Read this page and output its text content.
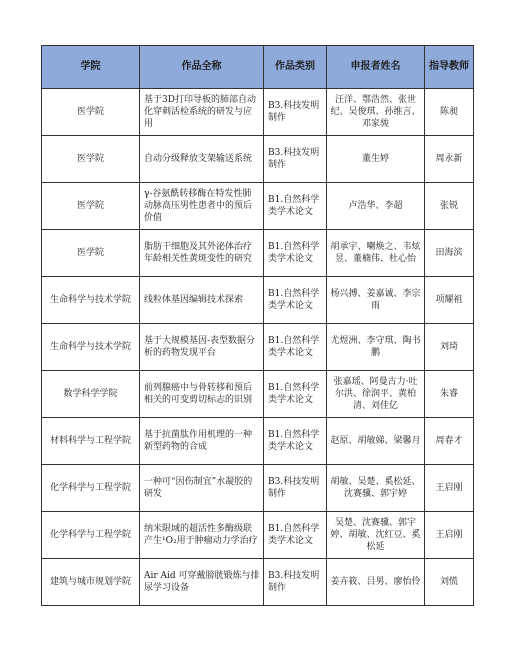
学院	作品全称	作品类别	申报者姓名	指导教师
医学院	基于3D打印导板的肺部自动化穿刺活检系统的研发与应用	B3.科技发明制作	汪洋、鄂浩然、张世纪、吴俊琪、孙维言、邓家骏	陈昶
医学院	自动分级释放支架输送系统	B3.科技发明制作	董生婷	周永新
医学院	γ-谷氨酰转移酶在特发性肺动脉高压男性患者中的预后价值	B1.自然科学类学术论文	卢浩华、李超	张锐
医学院	脂肪干细胞及其外泌体治疗年龄相关性黄斑变性的研究	B1.自然科学类学术论文	胡承宇、喇焕之、韦炫昱、董楠伟、杜心怡	田海滨
生命科学与技术学院	线粒体基因编辑技术探索	B1.自然科学类学术论文	杨兴搏、姜嘉诚、李宗雨	项耀祖
生命科学与技术学院	基于大规模基因-表型数据分析的药物发现平台	B1.自然科学类学术论文	尤煜洲、李守琪、陶书鹏	刘琦
数学科学学院	前列腺癌中与骨转移和预后相关的可变剪切标志的识别	B1.自然科学类学术论文	张嘉瑶、阿曼古力·吐尔洪、徐润平、黄柏清、刘佳亿	朱睿
材料科学与工程学院	基于抗菌肽作用机理的一种新型药物的合成	B1.自然科学类学术论文	赵原、胡敏娣、梁馨月	周春才
化学科学与工程学院	一种可“因伤制宜”水凝胶的研发	B3.科技发明制作	胡敏、吴楚、奚松延、沈赛骥、郭宇婷	王启刚
化学科学与工程学院	纳米限域的超活性多酶级联产生¹O₂用于肿瘤动力学治疗	B1.自然科学类学术论文	吴楚、沈赛骥、郭宇婷、胡敏、沈红豆、奚松延	王启刚
建筑与城市规划学院	Air Aid 可穿戴膀胱锻炼与排尿学习设备	B3.科技发明制作	姜卉筱、吕男、廖怡伶	刘慌
